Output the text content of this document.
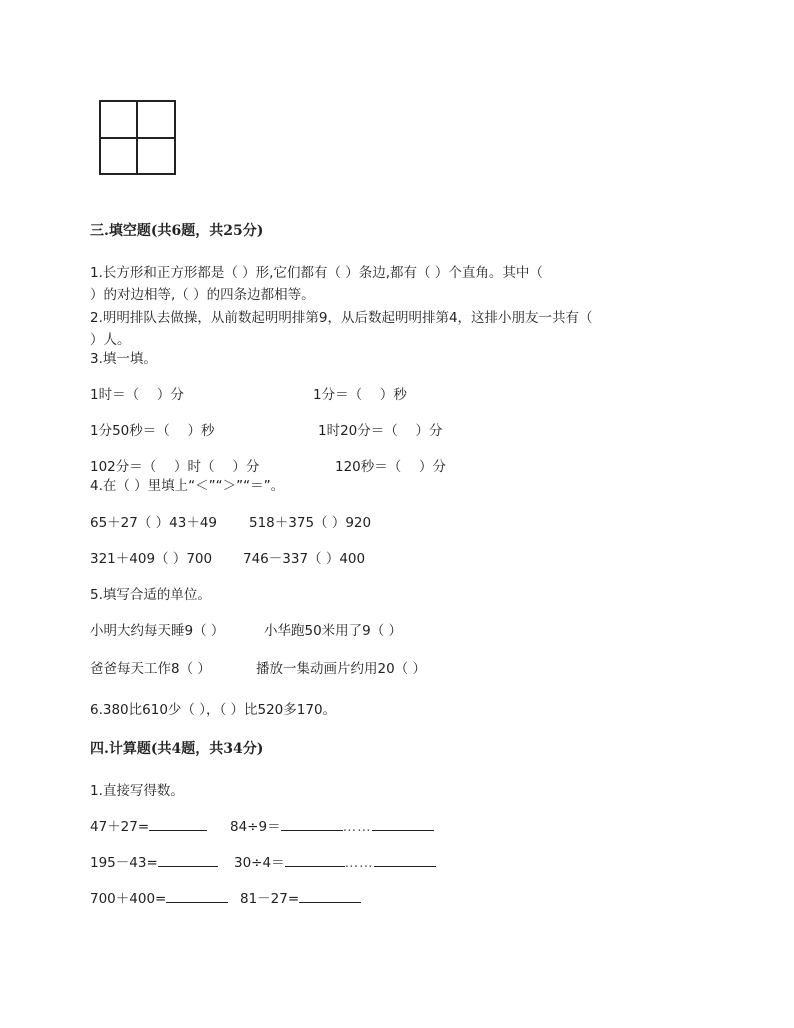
三.填空题(共6题，共25分)
1.长方形和正方形都是（ ）形,它们都有（ ）条边,都有（ ）个直角。其中（
）的对边相等,（ ）的四条边都相等。
2.明明排队去做操，从前数起明明排第9，从后数起明明排第4，这排小朋友一共有（
）人。
3.填一填。
1时＝（　 ）分	1分＝（　 ）秒
1分50秒＝（　 ）秒	1时20分＝（　 ）分
102分＝（　 ）时（　 ）分	120秒＝（　 ）分
4.在（ ）里填上“＜”“＞”“＝”。
65＋27（ ）43＋49 518＋375（ ）920
321＋409（ ）700 746－337（ ）400
5.填写合适的单位。
小明大约每天睡9（ ）	小华跑50米用了9（ ）
爸爸每天工作8（ ）	播放一集动画片约用20（ ）
6.380比610少（ ），（ ）比520多170。
四.计算题(共4题，共34分)
1.直接写得数。
47＋27=	84÷9＝	……
195－43=	30÷4＝	……
700＋400=	81－27=
